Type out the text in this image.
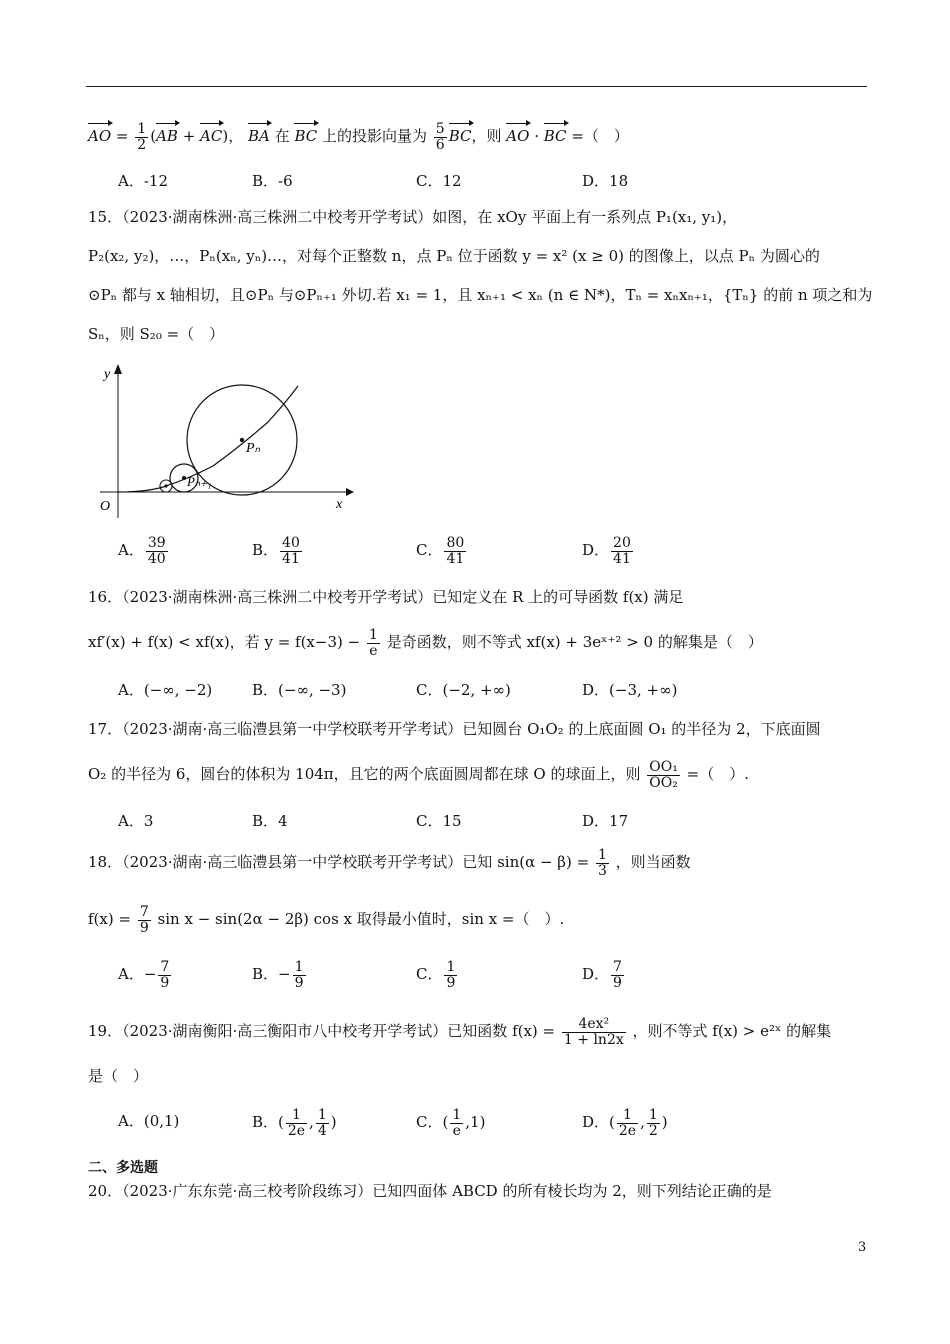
AO = $\frac{1}{2} (AB + AC)$， BA 在 BC 上的投影向量为 $\frac{5}{6}$ BC，则 AO · BC =（　）
A．-12	B．-6	C．12	D．18
15．（2023·湖南株洲·高三株洲二中校考开学考试）如图，在 xOy 平面上有一系列点 P₁(x₁, y₁)，
P₂(x₂, y₂)，…，Pₙ(xₙ, yₙ)…，对每个正整数 n，点 Pₙ 位于函数 y = x² (x ≥ 0) 的图像上，以点 Pₙ 为圆心的
⊙Pₙ 都与 x 轴相切，且⊙Pₙ 与⊙Pₙ₊₁ 外切.若 x₁ = 1，且 xₙ₊₁ < xₙ (n ∈ N*)，Tₙ = xₙxₙ₊₁，{Tₙ} 的前 n 项之和为
Sₙ，则 S₂₀ =（　）
y
x
O
Pₙ
Pₙ₊₁
A． $\frac{39}{40}$	B． $\frac{40}{41}$	C． $\frac{80}{41}$	D． $\frac{20}{41}$
16．（2023·湖南株洲·高三株洲二中校考开学考试）已知定义在 R 上的可导函数 f(x) 满足
xf′(x) + f(x) < xf(x)，若 $y = f(x-3) - \frac{1}{e}$ 是奇函数，则不等式 xf(x) + 3eˣ⁺² > 0 的解集是（　）
A．(−∞, −2)	B．(−∞, −3)	C．(−2, +∞)	D．(−3, +∞)
17．（2023·湖南·高三临澧县第一中学校联考开学考试）已知圆台 O₁O₂ 的上底面圆 O₁ 的半径为 2，下底面圆
O₂ 的半径为 6，圆台的体积为 104π，且它的两个底面圆周都在球 O 的球面上，则 $\frac{\text{OO₁}}{\text{OO₂}}$ =（　）.
A．3	B．4	C．15	D．17
18．（2023·湖南·高三临澧县第一中学校联考开学考试）已知 $\sin(\alpha - \beta) = \frac{1}{3}$ ，则当函数
$f(x) = \frac{7}{9}$ sin x − sin(2α − 2β) cos x 取得最小值时，sin x =（　）.
A．− $\frac{7}{9}$	B．− $\frac{1}{9}$	C． $\frac{1}{9}$	D． $\frac{7}{9}$
19．（2023·湖南衡阳·高三衡阳市八中校考开学考试）已知函数 $f(x) = \frac{\text{4ex²}}{1 + \ln 2x}$ ，则不等式 f(x) > e²ˣ 的解集
是（　）
A．(0,1)	B．( $\frac{1}{2e}$ , $\frac{1}{4}$ )	C．( $\frac{1}{e} ,1$)	D．( $\frac{1}{2e}$ , $\frac{1}{2}$ )
二、多选题
20．（2023·广东东莞·高三校考阶段练习）已知四面体 ABCD 的所有棱长均为 2，则下列结论正确的是
3
